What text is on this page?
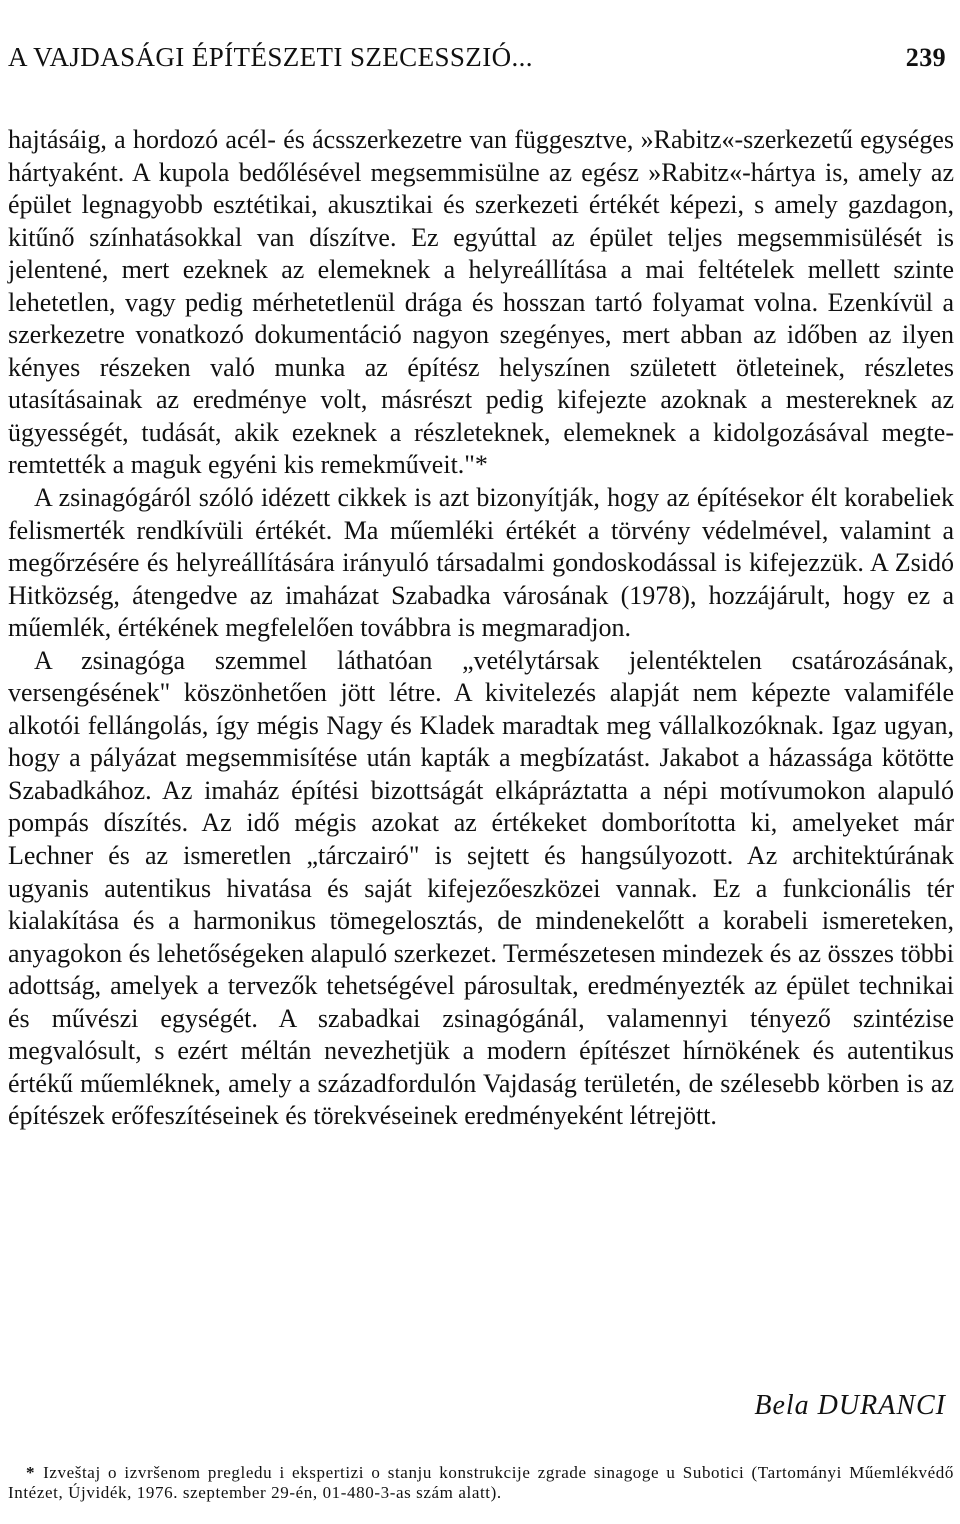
A VAJDASÁGI ÉPÍTÉSZETI SZECESSZIÓ...	239

hajtásáig, a hordozó acél- és ácsszerkezetre van függesztve, »Rabitz«-szerkezetű egységes hártyaként. A kupola bedőlésével megsemmisülne az egész »Rabitz«-hártya is, amely az épület legnagyobb esztétikai, akusztikai és szerkezeti értékét képezi, s amely gazdagon, kitűnő színhatásokkal van díszítve. Ez egyúttal az épület teljes megsemmisülését is jelentené, mert ezeknek az elemeknek a helyreállítása a mai feltételek mellett szinte lehetetlen, vagy pedig mérhetetlenül drága és hosszan tartó folyamat volna. Ezenkívül a szerkezetre vonatkozó dokumentáció nagyon szegényes, mert abban az időben az ilyen kényes részeken való munka az építész helyszínen született ötleteinek, részletes utasításainak az eredménye volt, másrészt pedig kifejezte azoknak a mestereknek az ügyességét, tudását, akik ezeknek a részleteknek, elemeknek a kidolgozásával megteremtették a maguk egyéni kis remekműveit."*

A zsinagógáról szóló idézett cikkek is azt bizonyítják, hogy az építésekor élt korabeliek felismerték rendkívüli értékét. Ma műemléki értékét a törvény védelmével, valamint a megőrzésére és helyreállítására irányuló társadalmi gondoskodással is kifejezzük. A Zsidó Hitközség, átengedve az imaházat Szabadka városának (1978), hozzájárult, hogy ez a műemlék, értékének megfelelően továbbra is megmaradjon.

A zsinagóga szemmel láthatóan „vetélytársak jelentéktelen csatározásának, versengésének" köszönhetően jött létre. A kivitelezés alapját nem képezte valamiféle alkotói fellángolás, így mégis Nagy és Kladek maradtak meg vállalkozóknak. Igaz ugyan, hogy a pályázat megsemmisítése után kapták a megbízatást. Jakabot a házassága kötötte Szabadkához. Az imaház építési bizottságát elkápráztatta a népi motívumokon alapuló pompás díszítés. Az idő mégis azokat az értékeket domborította ki, amelyeket már Lechner és az ismeretlen „tárczairó" is sejtett és hangsúlyozott. Az architektúrának ugyanis autentikus hivatása és saját kifejezőeszközei vannak. Ez a funkcionális tér kialakítása és a harmonikus tömegelosztás, de mindenekelőtt a korabeli ismereteken, anyagokon és lehetőségeken alapuló szerkezet. Természetesen mindezek és az összes többi adottság, amelyek a tervezők tehetségével párosultak, eredményezték az épület technikai és művészi egységét. A szabadkai zsinagógánál, valamennyi tényező szintézise megvalósult, s ezért méltán nevezhetjük a modern építészet hírnökének és autentikus értékű műemléknek, amely a századfordulón Vajdaság területén, de szélesebb körben is az építészek erőfeszítéseinek és törekvéseinek eredményeként létrejött.

Bela DURANCI
* Izveštaj o izvršenom pregledu i ekspertizi o stanju konstrukcije zgrade sinagoge u Subotici (Tartományi Műemlékvédő Intézet, Újvidék, 1976. szeptember 29-én, 01-480-3-as szám alatt).
